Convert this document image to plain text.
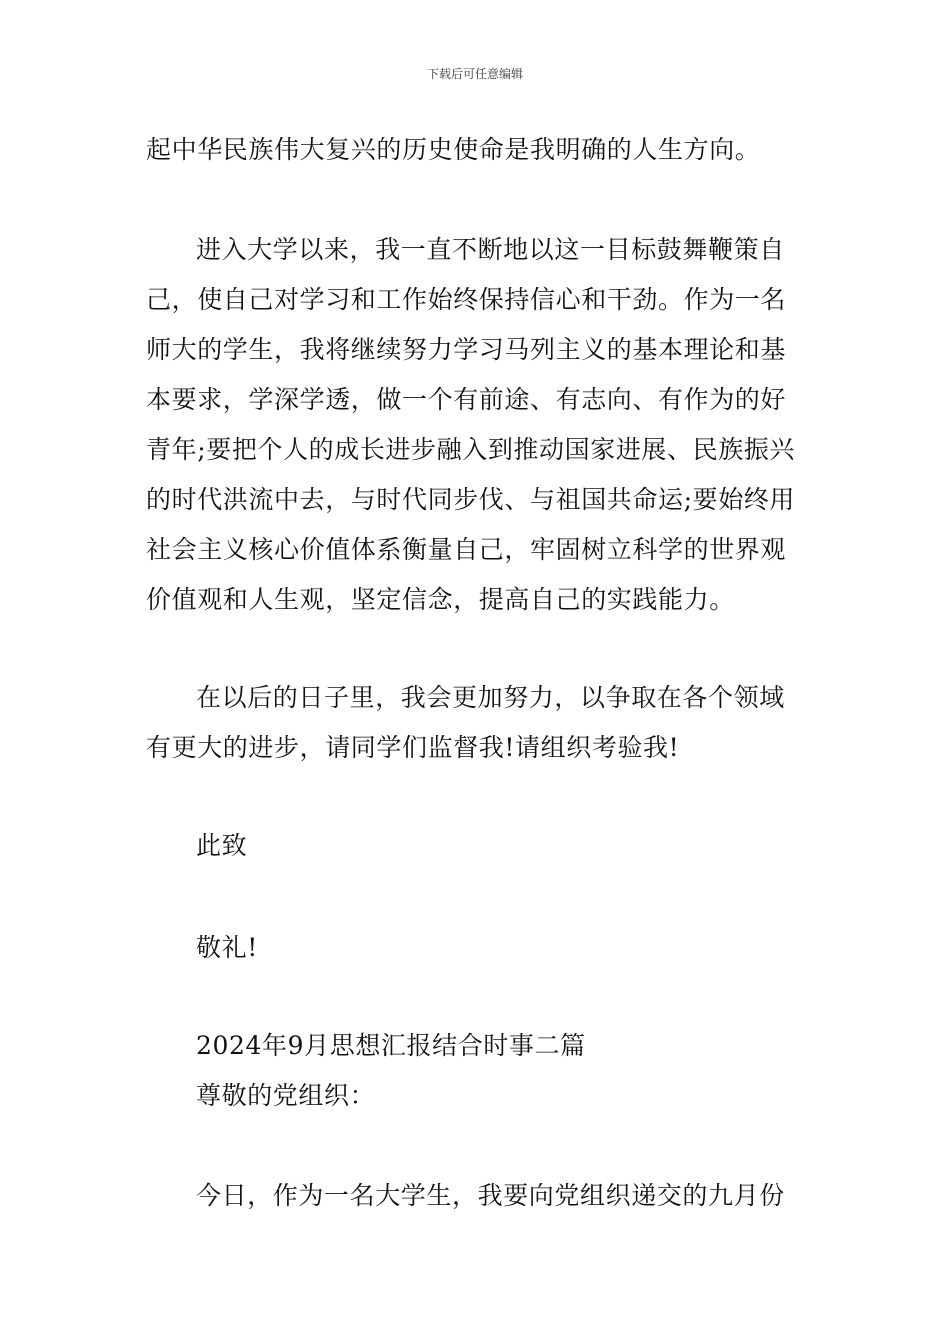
下载后可任意编辑
起中华民族伟大复兴的历史使命是我明确的人生方向。
进入大学以来，我一直不断地以这一目标鼓舞鞭策自
己，使自己对学习和工作始终保持信心和干劲。作为一名
师大的学生，我将继续努力学习马列主义的基本理论和基
本要求，学深学透，做一个有前途、有志向、有作为的好
青年;要把个人的成长进步融入到推动国家进展、民族振兴
的时代洪流中去，与时代同步伐、与祖国共命运;要始终用
社会主义核心价值体系衡量自己，牢固树立科学的世界观
价值观和人生观，坚定信念，提高自己的实践能力。
在以后的日子里，我会更加努力，以争取在各个领域
有更大的进步，请同学们监督我!请组织考验我!
此致
敬礼!
2024年9月思想汇报结合时事二篇
尊敬的党组织：
今日，作为一名大学生，我要向党组织递交的九月份
